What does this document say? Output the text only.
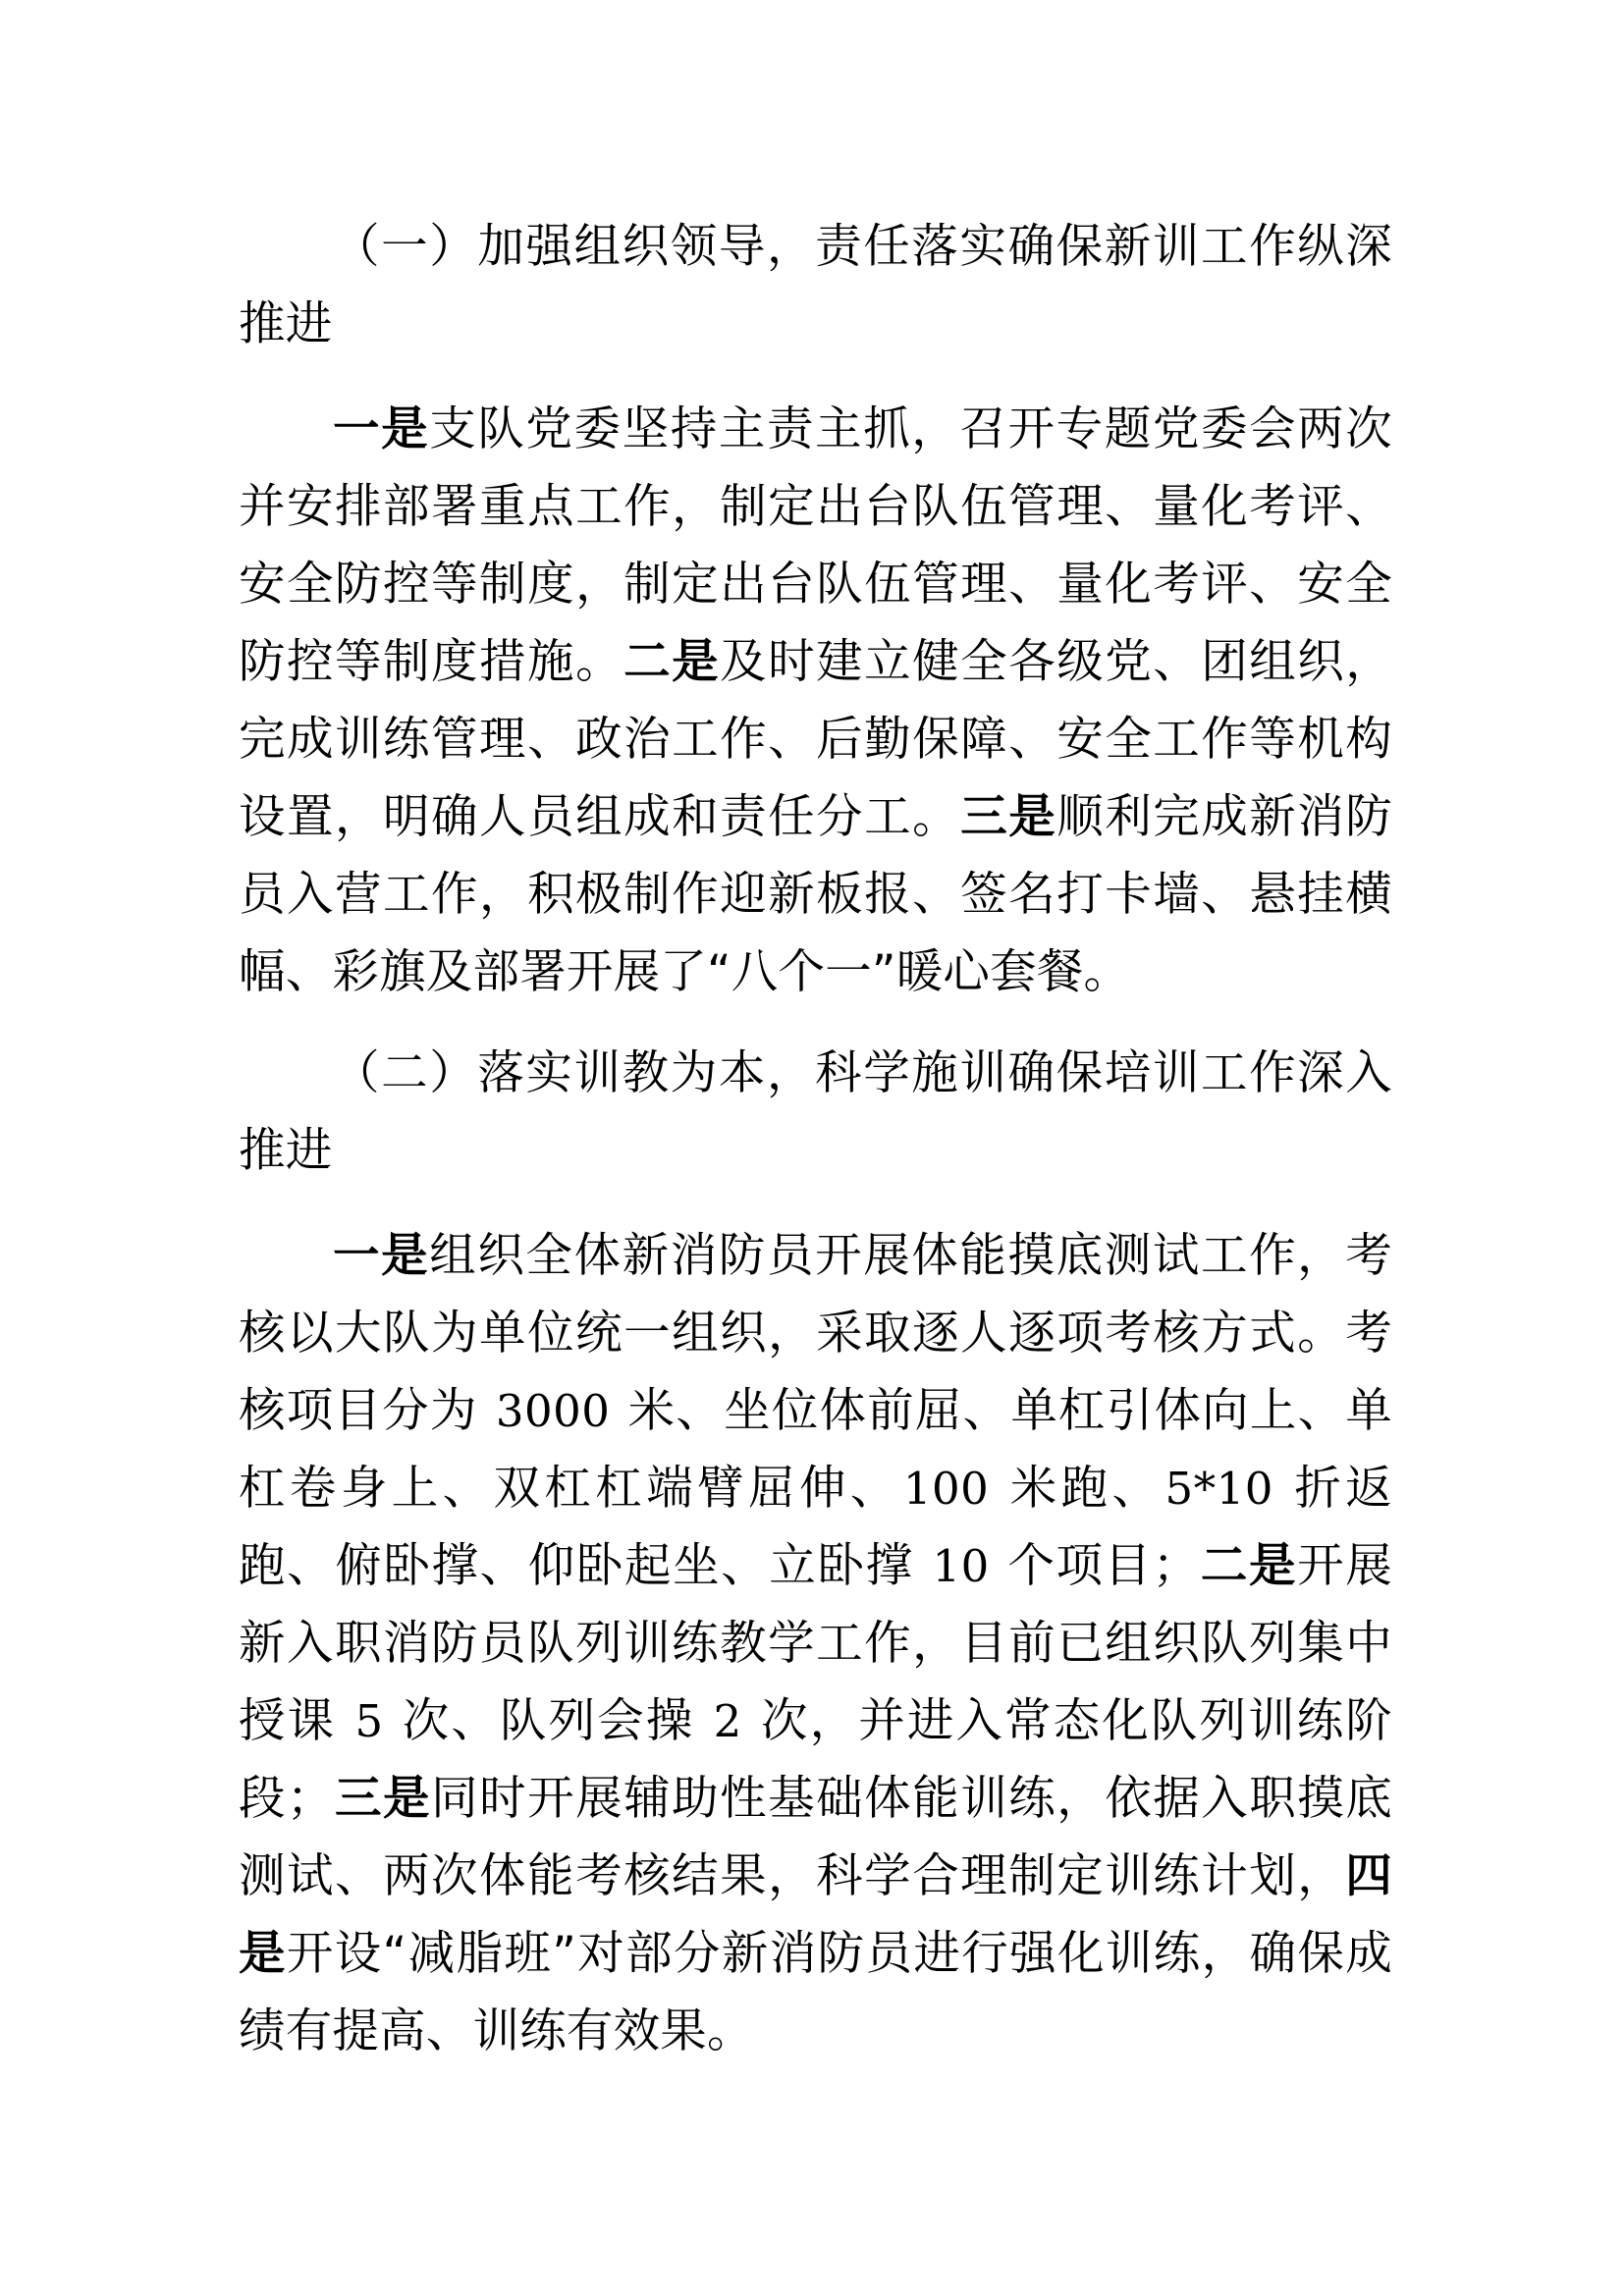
（一）加强组织领导，责任落实确保新训工作纵深推进

一是支队党委坚持主责主抓，召开专题党委会两次并安排部署重点工作，制定出台队伍管理、量化考评、安全防控等制度，制定出台队伍管理、量化考评、安全防控等制度措施。二是及时建立健全各级党、团组织，完成训练管理、政治工作、后勤保障、安全工作等机构设置，明确人员组成和责任分工。三是顺利完成新消防员入营工作，积极制作迎新板报、签名打卡墙、悬挂横幅、彩旗及部署开展了“八个一”暖心套餐。

（二）落实训教为本，科学施训确保培训工作深入推进

一是组织全体新消防员开展体能摸底测试工作，考核以大队为单位统一组织，采取逐人逐项考核方式。考核项目分为 3000 米、坐位体前屈、单杠引体向上、单杠卷身上、双杠杠端臂屈伸、100 米跑、5*10 折返跑、俯卧撑、仰卧起坐、立卧撑 10 个项目；二是开展新入职消防员队列训练教学工作，目前已组织队列集中授课 5 次、队列会操 2 次，并进入常态化队列训练阶段；三是同时开展辅助性基础体能训练，依据入职摸底测试、两次体能考核结果，科学合理制定训练计划，四是开设“减脂班”对部分新消防员进行强化训练，确保成绩有提高、训练有效果。
